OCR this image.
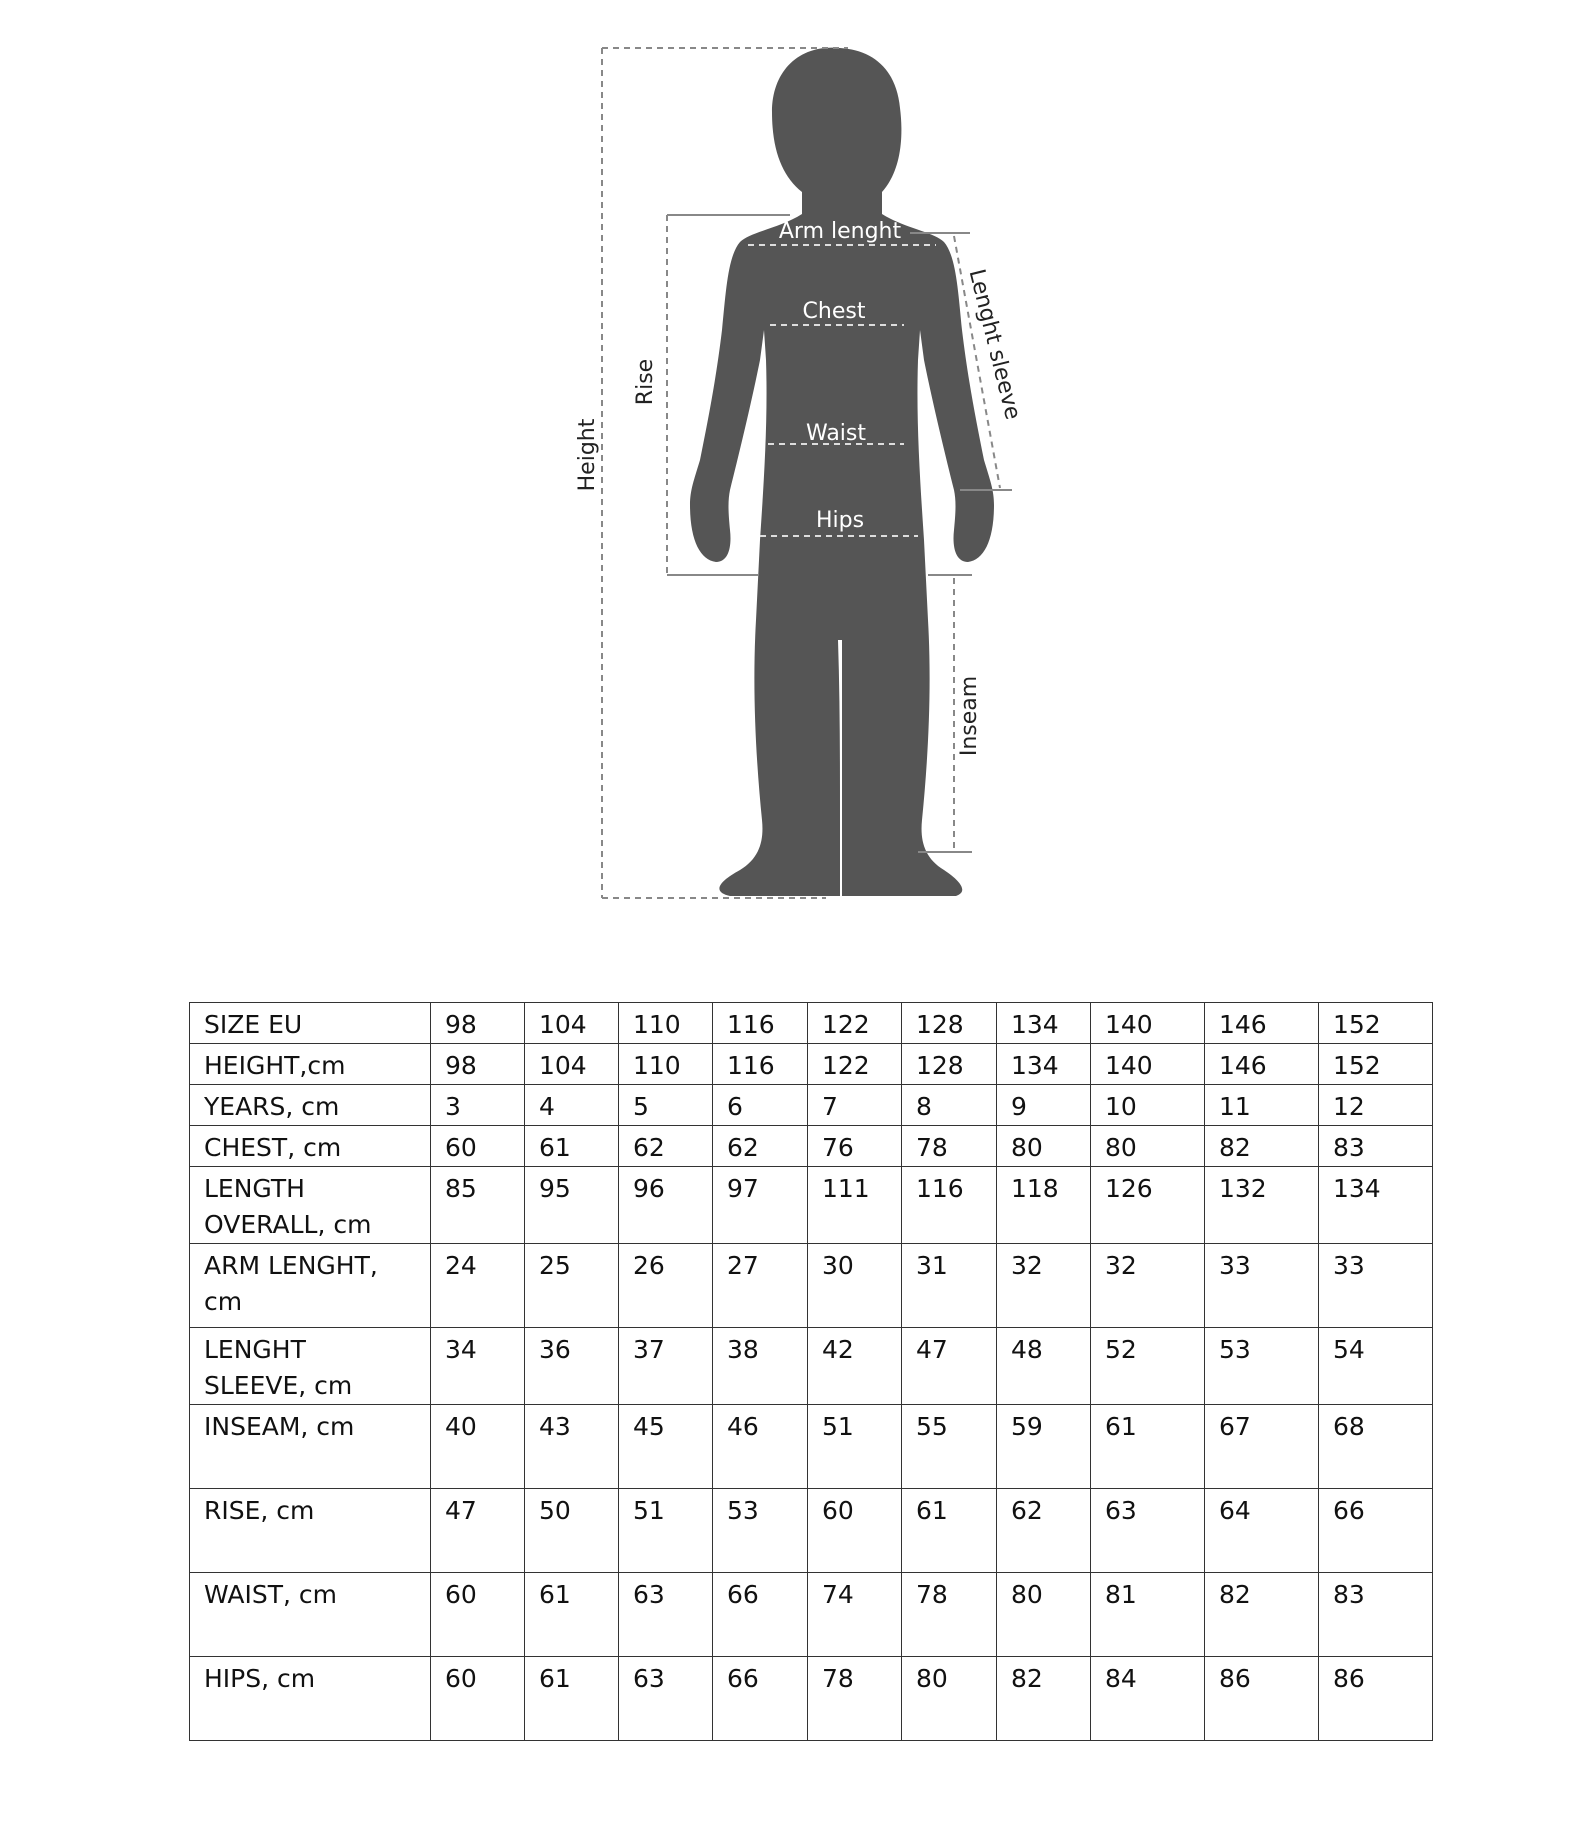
Arm lenght
Chest
Waist
Hips
Height
Rise
Inseam
Lenght sleeve
SIZE EU	98	104	110	116	122	128	134	140	146	152
HEIGHT,cm	98	104	110	116	122	128	134	140	146	152
YEARS, cm	3	4	5	6	7	8	9	10	11	12
CHEST, cm	60	61	62	62	76	78	80	80	82	83
LENGTH OVERALL, cm	85	95	96	97	111	116	118	126	132	134
ARM LENGHT, cm	24	25	26	27	30	31	32	32	33	33
LENGHT SLEEVE, cm	34	36	37	38	42	47	48	52	53	54
INSEAM, cm	40	43	45	46	51	55	59	61	67	68
RISE, cm	47	50	51	53	60	61	62	63	64	66
WAIST, cm	60	61	63	66	74	78	80	81	82	83
HIPS, cm	60	61	63	66	78	80	82	84	86	86
